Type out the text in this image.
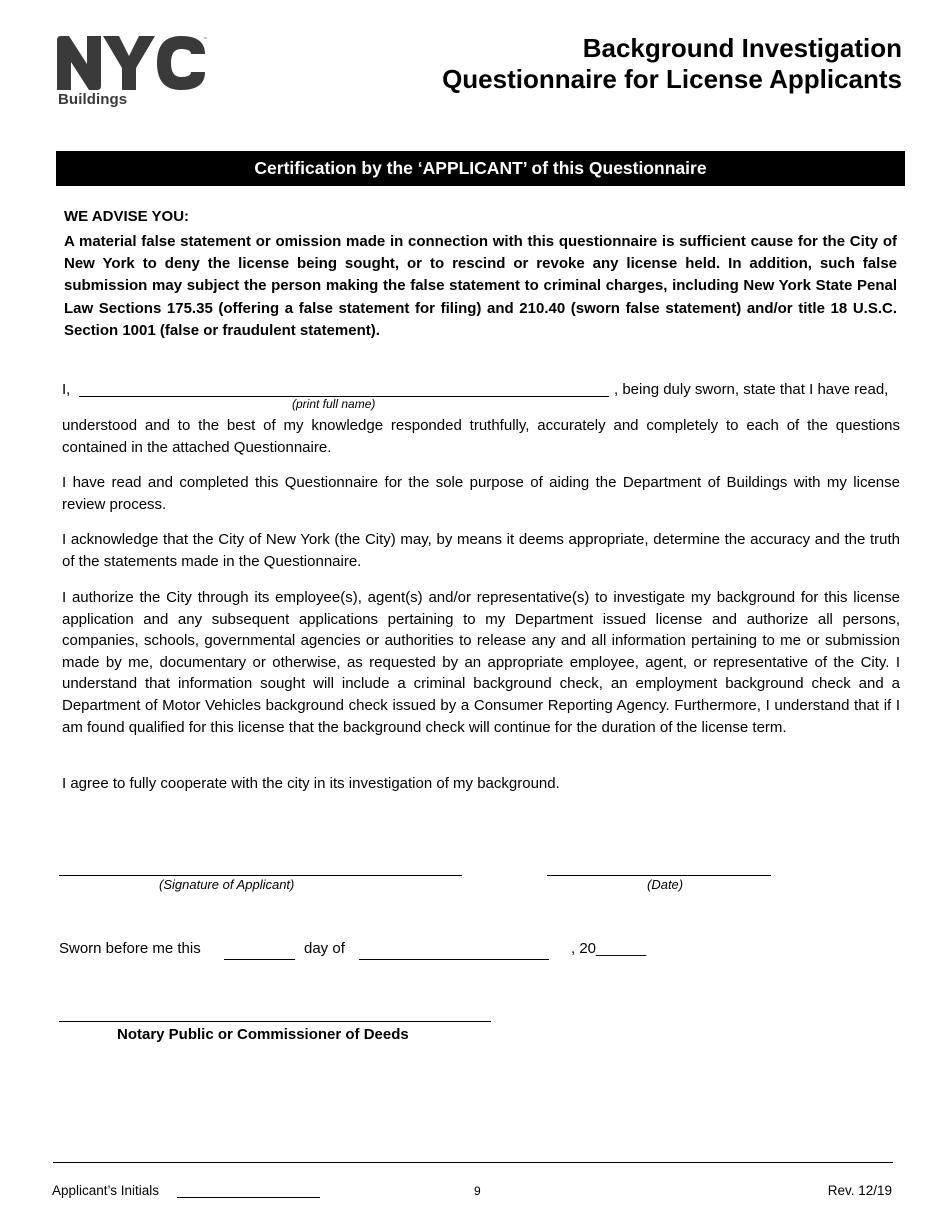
™
Buildings
Background Investigation
Questionnaire for License Applicants
Certification by the ‘APPLICANT’ of this Questionnaire
WE ADVISE YOU:
A material false statement or omission made in connection with this questionnaire is sufficient cause for the City of New York to deny the license being sought, or to rescind or revoke any license held. In addition, such false submission may subject the person making the false statement to criminal charges, including New York State Penal Law Sections 175.35 (offering a false statement for filing) and 210.40 (sworn false statement) and/or title 18 U.S.C. Section 1001 (false or fraudulent statement).
I,
(print full name)
, being duly sworn, state that I have read,
understood and to the best of my knowledge responded truthfully, accurately and completely to each of the questions contained in the attached Questionnaire.
I have read and completed this Questionnaire for the sole purpose of aiding the Department of Buildings with my license review process.
I acknowledge that the City of New York (the City) may, by means it deems appropriate, determine the accuracy and the truth of the statements made in the Questionnaire.
I authorize the City through its employee(s), agent(s) and/or representative(s) to investigate my background for this license application and any subsequent applications pertaining to my Department issued license and authorize all persons, companies, schools, governmental agencies or authorities to release any and all information pertaining to me or submission made by me, documentary or otherwise, as requested by an appropriate employee, agent, or representative of the City. I understand that information sought will include a criminal background check, an employment background check and a Department of Motor Vehicles background check issued by a Consumer Reporting Agency. Furthermore, I understand that if I am found qualified for this license that the background check will continue for the duration of the license term.
I agree to fully cooperate with the city in its investigation of my background.
(Signature of Applicant)	(Date)
Sworn before me this	day of	, 20______
Notary Public or Commissioner of Deeds
Applicant’s Initials	9	Rev. 12/19
